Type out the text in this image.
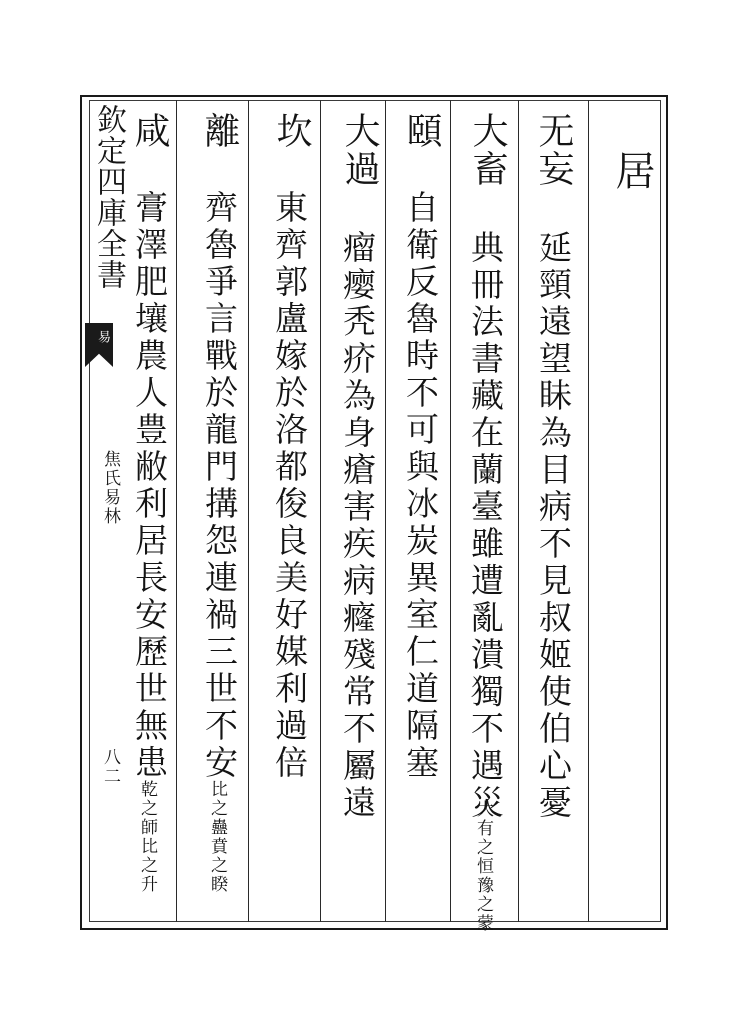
欽定四庫全書
易
焦氏易林
八二
居
无妄
延頸遠望眛為目病不見叔姬使伯心憂
大畜
典冊法書藏在蘭臺雖遭亂潰獨不遇災
頤
自衛反魯時不可與冰炭異室仁道隔塞
大過
瘤瘿秃疥為身瘡害疾病癃殘常不屬遠
坎
東齊郭盧嫁於洛都俊良美好媒利過倍
離
齊魯爭言戰於龍門搆怨連禍三世不安
咸
膏澤肥壤農人豊敝利居長安歷世無患
大有之恒豫之蒙
比之蠱賁之睽
乾之師比之升
